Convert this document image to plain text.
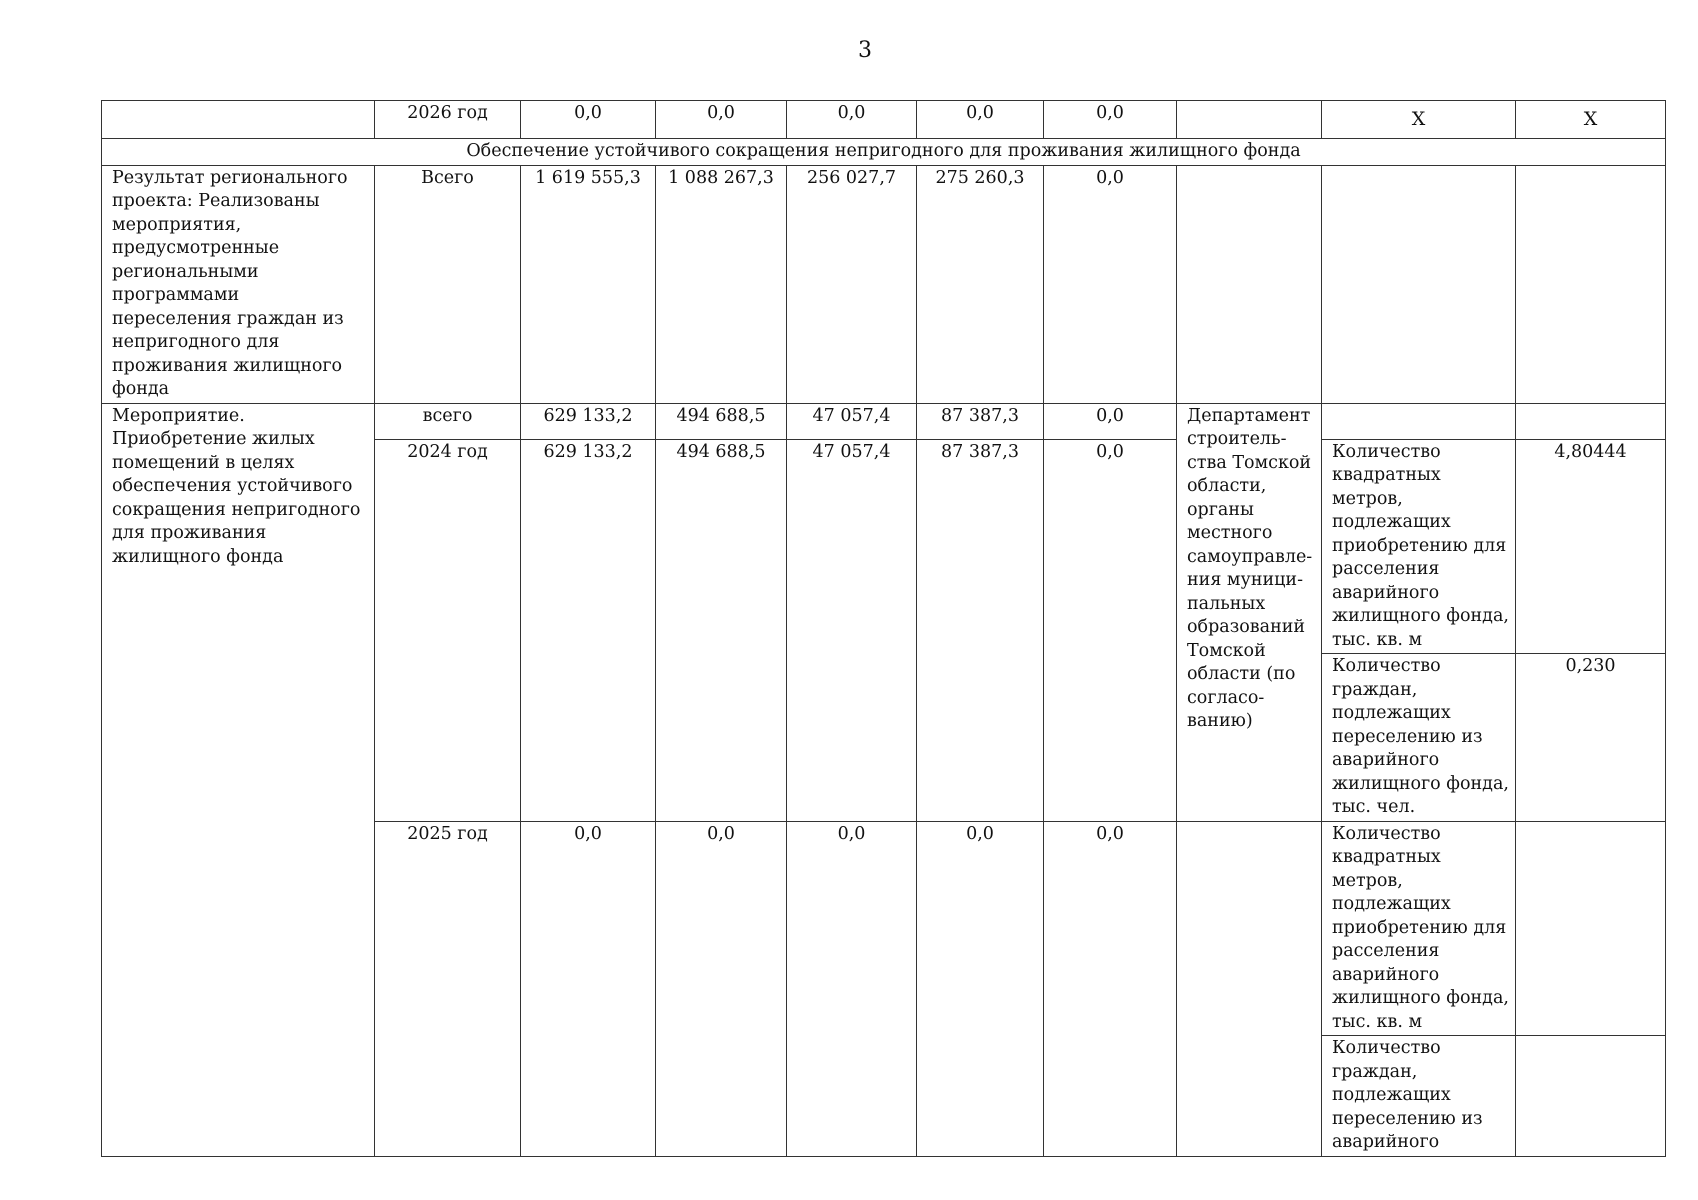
3
	2026 год	0,0	0,0	0,0	0,0	0,0		X	X
Обеспечение устойчивого сокращения непригодного для проживания жилищного фонда									
Результат регионального проекта: Реализованы мероприятия, предусмотренные региональными программами переселения граждан из непригодного для проживания жилищного фонда	Всего	1 619 555,3	1 088 267,3	256 027,7	275 260,3	0,0			
Мероприятие. Приобретение жилых помещений в целях обеспечения устойчивого сокращения непригодного для проживания жилищного фонда	всего	629 133,2	494 688,5	47 057,4	87 387,3	0,0	Департамент строитель-ства Томской области, органы местного самоуправле-ния муници-пальных образований Томской области (по согласо-ванию)		
	2024 год	629 133,2	494 688,5	47 057,4	87 387,3	0,0		Количество квадратных метров, подлежащих приобретению для расселения аварийного жилищного фонда, тыс. кв. м	4,80444
								Количество граждан, подлежащих переселению из аварийного жилищного фонда, тыс. чел.	0,230
	2025 год	0,0	0,0	0,0	0,0	0,0		Количество квадратных метров, подлежащих приобретению для расселения аварийного жилищного фонда, тыс. кв. м	
								Количество граждан, подлежащих переселению из аварийного	
